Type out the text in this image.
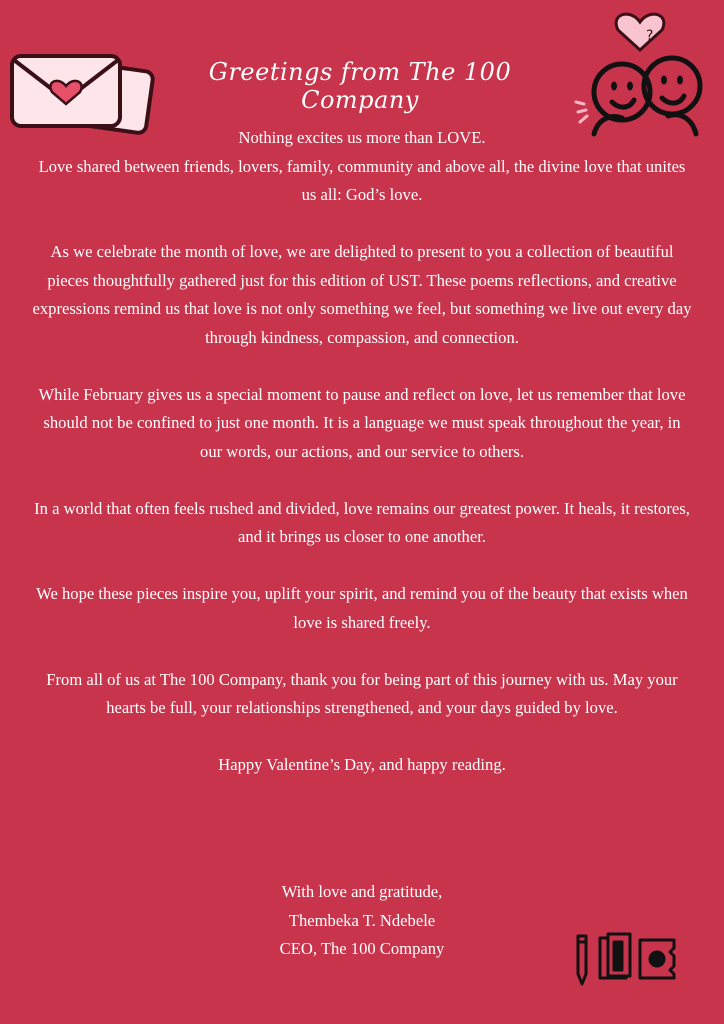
?
Greetings from The 100 Company

Nothing excites us more than LOVE.
Love shared between friends, lovers, family, community and above all, the divine love that unites us all: God’s love.

As we celebrate the month of love, we are delighted to present to you a collection of beautiful pieces thoughtfully gathered just for this edition of UST. These poems reflections, and creative expressions remind us that love is not only something we feel, but something we live out every day through kindness, compassion, and connection.

While February gives us a special moment to pause and reflect on love, let us remember that love should not be confined to just one month. It is a language we must speak throughout the year, in our words, our actions, and our service to others.

In a world that often feels rushed and divided, love remains our greatest power. It heals, it restores, and it brings us closer to one another.

We hope these pieces inspire you, uplift your spirit, and remind you of the beauty that exists when love is shared freely.

From all of us at The 100 Company, thank you for being part of this journey with us. May your hearts be full, your relationships strengthened, and your days guided by love.

Happy Valentine’s Day, and happy reading.

With love and gratitude,
Thembeka T. Ndebele
CEO, The 100 Company
